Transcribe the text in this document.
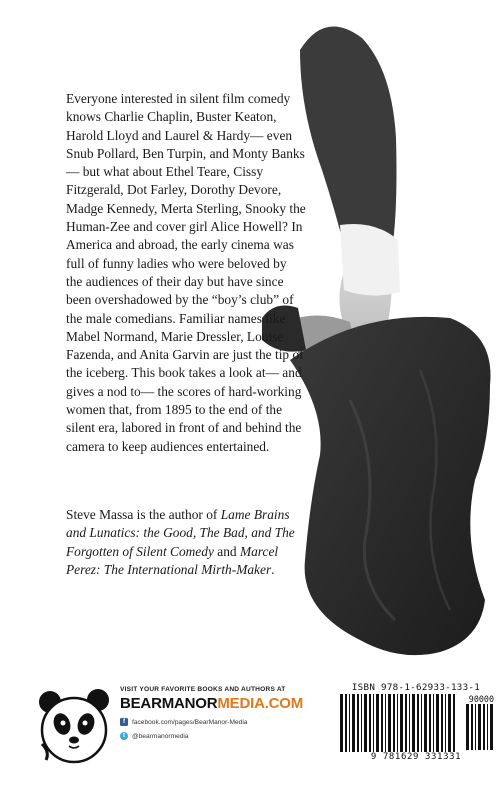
Everyone interested in silent film comedy knows Charlie Chaplin, Buster Keaton, Harold Lloyd and Laurel & Hardy— even Snub Pollard, Ben Turpin, and Monty Banks— but what about Ethel Teare, Cissy Fitzgerald, Dot Farley, Dorothy Devore, Madge Kennedy, Merta Sterling, Snooky the Human-Zee and cover girl Alice Howell? In America and abroad, the early cinema was full of funny ladies who were beloved by the audiences of their day but have since been overshadowed by the “boy’s club” of the male comedians. Familiar names like Mabel Normand, Marie Dressler, Louise Fazenda, and Anita Garvin are just the tip of the iceberg. This book takes a look at— and gives a nod to— the scores of hard-working women that, from 1895 to the end of the silent era, labored in front of and behind the camera to keep audiences entertained.

Steve Massa is the author of Lame Brains and Lunatics: the Good, The Bad, and The Forgotten of Silent Comedy and Marcel Perez: The International Mirth-Maker.

VISIT YOUR FAVORITE BOOKS AND AUTHORS AT
BEARMANORMEDIA.COM
f	facebook.com/pages/BearManor-Media
t	@bearmanormedia
ISBN 978-1-62933-133-1
90000
9 781629 331331
